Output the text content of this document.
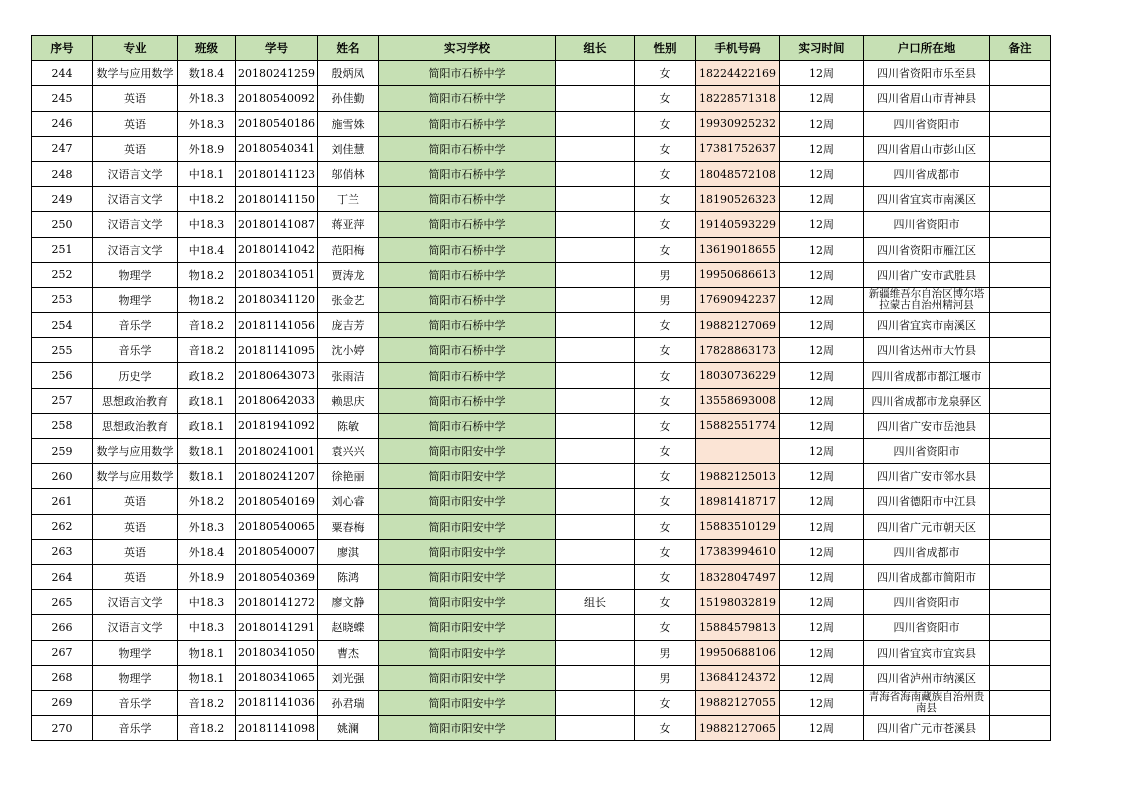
序号	专业	班级	学号	姓名	实习学校	组长	性别	手机号码	实习时间	户口所在地	备注
244	数学与应用数学	数18.4	20180241259	殷炳凤	简阳市石桥中学		女	18224422169	12周	四川省资阳市乐至县	
245	英语	外18.3	20180540092	孙佳勤	简阳市石桥中学		女	18228571318	12周	四川省眉山市青神县	
246	英语	外18.3	20180540186	施雪姝	简阳市石桥中学		女	19930925232	12周	四川省资阳市	
247	英语	外18.9	20180540341	刘佳慧	简阳市石桥中学		女	17381752637	12周	四川省眉山市彭山区	
248	汉语言文学	中18.1	20180141123	邬俏林	简阳市石桥中学		女	18048572108	12周	四川省成都市	
249	汉语言文学	中18.2	20180141150	丁兰	简阳市石桥中学		女	18190526323	12周	四川省宜宾市南溪区	
250	汉语言文学	中18.3	20180141087	蒋亚萍	简阳市石桥中学		女	19140593229	12周	四川省资阳市	
251	汉语言文学	中18.4	20180141042	范阳梅	简阳市石桥中学		女	13619018655	12周	四川省资阳市雁江区	
252	物理学	物18.2	20180341051	贾涛龙	简阳市石桥中学		男	19950686613	12周	四川省广安市武胜县	
253	物理学	物18.2	20180341120	张金艺	简阳市石桥中学		男	17690942237	12周	新疆维吾尔自治区博尔塔拉蒙古自治州精河县	
254	音乐学	音18.2	20181141056	庞吉芳	简阳市石桥中学		女	19882127069	12周	四川省宜宾市南溪区	
255	音乐学	音18.2	20181141095	沈小婷	简阳市石桥中学		女	17828863173	12周	四川省达州市大竹县	
256	历史学	政18.2	20180643073	张雨洁	简阳市石桥中学		女	18030736229	12周	四川省成都市都江堰市	
257	思想政治教育	政18.1	20180642033	赖思庆	简阳市石桥中学		女	13558693008	12周	四川省成都市龙泉驿区	
258	思想政治教育	政18.1	20181941092	陈敏	简阳市石桥中学		女	15882551774	12周	四川省广安市岳池县	
259	数学与应用数学	数18.1	20180241001	袁兴兴	简阳市阳安中学		女		12周	四川省资阳市	
260	数学与应用数学	数18.1	20180241207	徐艳丽	简阳市阳安中学		女	19882125013	12周	四川省广安市邻水县	
261	英语	外18.2	20180540169	刘心睿	简阳市阳安中学		女	18981418717	12周	四川省德阳市中江县	
262	英语	外18.3	20180540065	粟春梅	简阳市阳安中学		女	15883510129	12周	四川省广元市朝天区	
263	英语	外18.4	20180540007	廖淇	简阳市阳安中学		女	17383994610	12周	四川省成都市	
264	英语	外18.9	20180540369	陈鸿	简阳市阳安中学		女	18328047497	12周	四川省成都市简阳市	
265	汉语言文学	中18.3	20180141272	廖文静	简阳市阳安中学	组长	女	15198032819	12周	四川省资阳市	
266	汉语言文学	中18.3	20180141291	赵晓蝶	简阳市阳安中学		女	15884579813	12周	四川省资阳市	
267	物理学	物18.1	20180341050	曹杰	简阳市阳安中学		男	19950688106	12周	四川省宜宾市宜宾县	
268	物理学	物18.1	20180341065	刘光强	简阳市阳安中学		男	13684124372	12周	四川省泸州市纳溪区	
269	音乐学	音18.2	20181141036	孙君瑞	简阳市阳安中学		女	19882127055	12周	青海省海南藏族自治州贵南县	
270	音乐学	音18.2	20181141098	姚澜	简阳市阳安中学		女	19882127065	12周	四川省广元市苍溪县	
